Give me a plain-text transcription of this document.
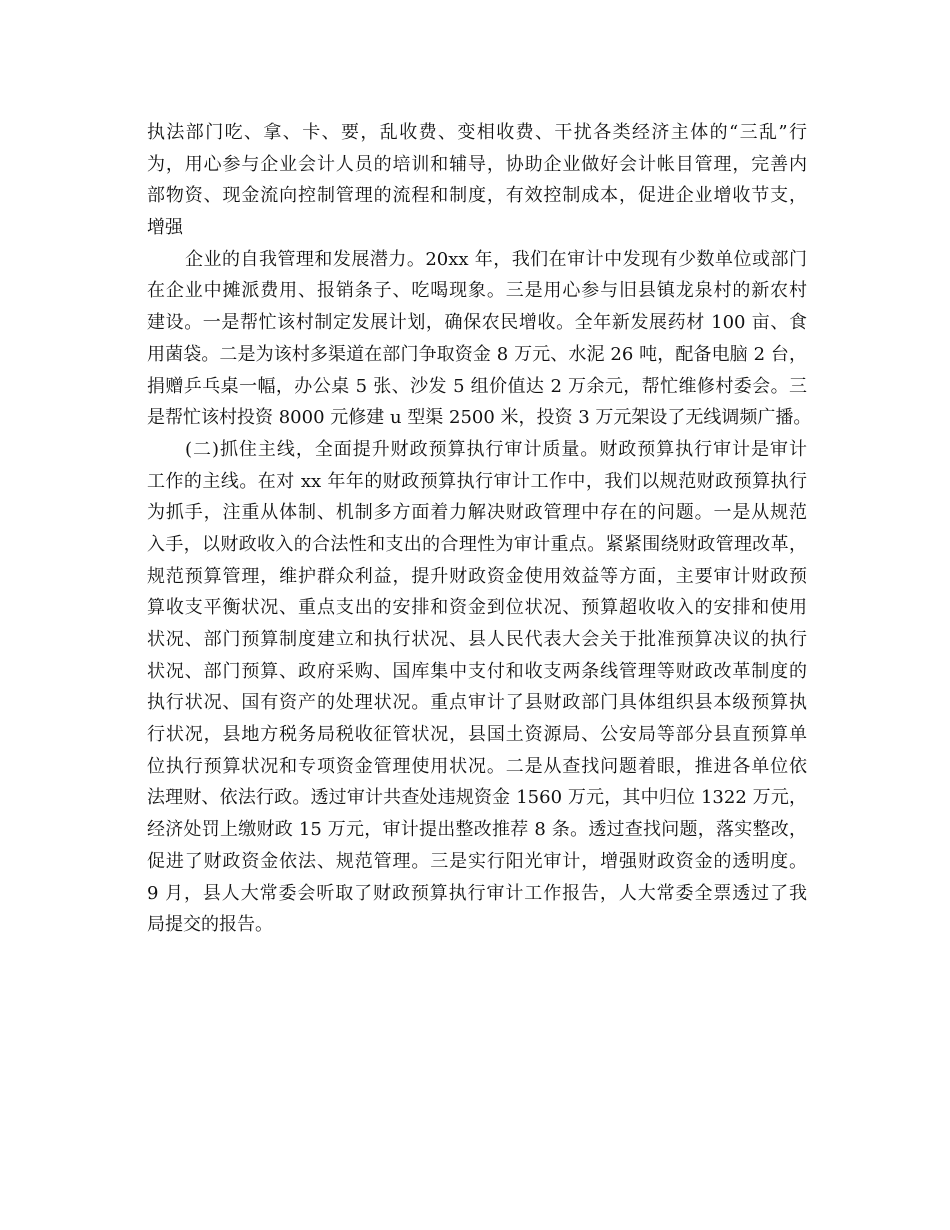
执法部门吃、拿、卡、要，乱收费、变相收费、干扰各类经济主体的“三乱”行
为，用心参与企业会计人员的培训和辅导，协助企业做好会计帐目管理，完善内
部物资、现金流向控制管理的流程和制度，有效控制成本，促进企业增收节支，
增强
企业的自我管理和发展潜力。20xx 年，我们在审计中发现有少数单位或部门
在企业中摊派费用、报销条子、吃喝现象。三是用心参与旧县镇龙泉村的新农村
建设。一是帮忙该村制定发展计划，确保农民增收。全年新发展药材 100 亩、食
用菌袋。二是为该村多渠道在部门争取资金 8 万元、水泥 26 吨，配备电脑 2 台，
捐赠乒乓桌一幅，办公桌 5 张、沙发 5 组价值达 2 万余元，帮忙维修村委会。三
是帮忙该村投资 8000 元修建 u 型渠 2500 米，投资 3 万元架设了无线调频广播。
(二)抓住主线，全面提升财政预算执行审计质量。财政预算执行审计是审计
工作的主线。在对 xx 年年的财政预算执行审计工作中，我们以规范财政预算执行
为抓手，注重从体制、机制多方面着力解决财政管理中存在的问题。一是从规范
入手，以财政收入的合法性和支出的合理性为审计重点。紧紧围绕财政管理改革，
规范预算管理，维护群众利益，提升财政资金使用效益等方面，主要审计财政预
算收支平衡状况、重点支出的安排和资金到位状况、预算超收收入的安排和使用
状况、部门预算制度建立和执行状况、县人民代表大会关于批准预算决议的执行
状况、部门预算、政府采购、国库集中支付和收支两条线管理等财政改革制度的
执行状况、国有资产的处理状况。重点审计了县财政部门具体组织县本级预算执
行状况，县地方税务局税收征管状况，县国土资源局、公安局等部分县直预算单
位执行预算状况和专项资金管理使用状况。二是从查找问题着眼，推进各单位依
法理财、依法行政。透过审计共查处违规资金 1560 万元，其中归位 1322 万元，
经济处罚上缴财政 15 万元，审计提出整改推荐 8 条。透过查找问题，落实整改，
促进了财政资金依法、规范管理。三是实行阳光审计，增强财政资金的透明度。
9 月，县人大常委会听取了财政预算执行审计工作报告，人大常委全票透过了我
局提交的报告。
